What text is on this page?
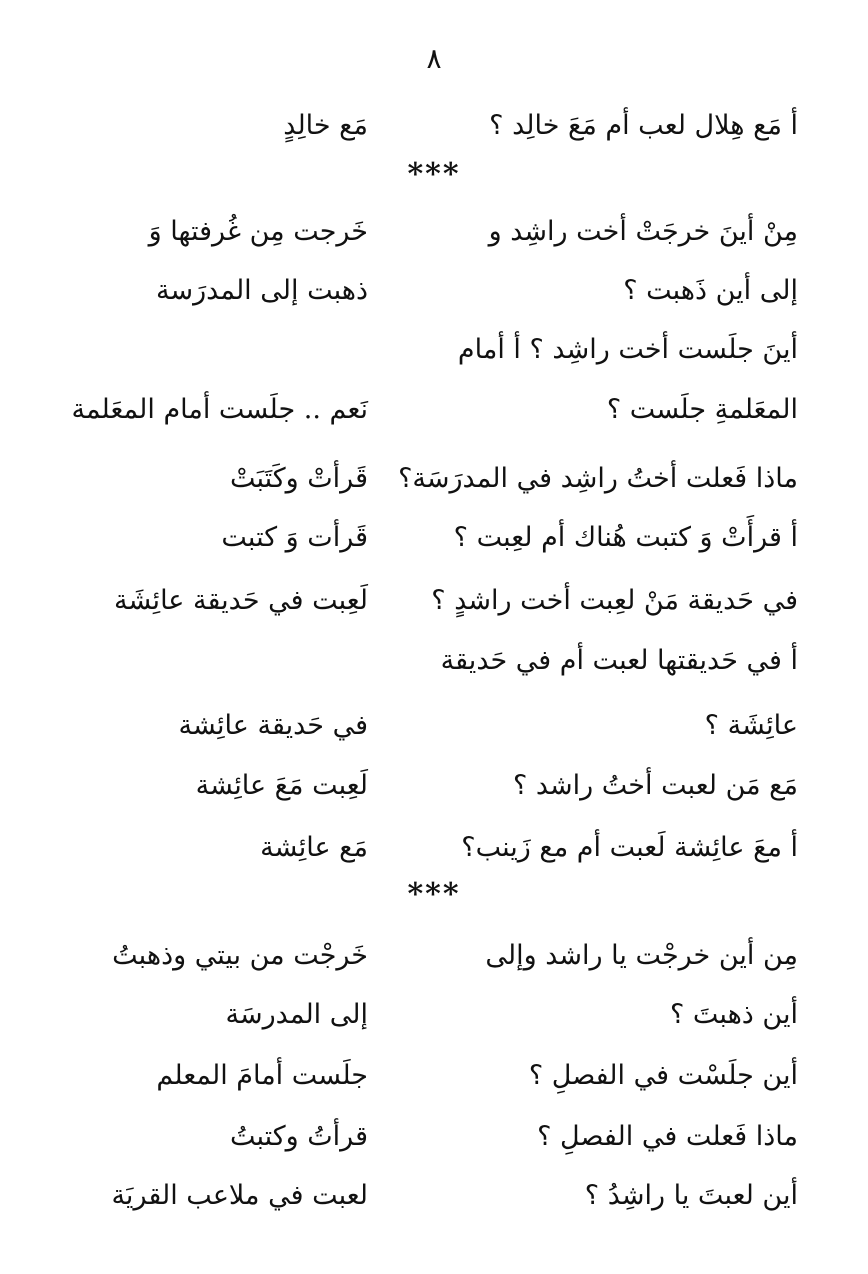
٨
أ مَع هِلال لعب أم مَعَ خالِد ؟
مَع خالِدٍ
***
مِنْ أينَ خرجَتْ أخت راشِد و
خَرجت مِن غُرفتها وَ
إلى أين ذَهبت ؟
ذهبت إلى المدرَسة
أينَ جلَست أخت راشِد ؟ أ أمام
المعَلمةِ جلَست ؟
نَعم .. جلَست أمام المعَلمة
ماذا فَعلت أختُ راشِد في المدرَسَة؟
قَرأتْ وكَتَبَتْ
أ قرأَتْ وَ كتبت هُناك أم لعِبت ؟
قَرأت وَ كتبت
في حَديقة مَنْ لعِبت أخت راشدٍ ؟
لَعِبت في حَديقة عائِشَة
أ في حَديقتها لعبت أم في حَديقة
عائِشَة ؟
في حَديقة عائِشة
مَع مَن لعبت أختُ راشد ؟
لَعِبت مَعَ عائِشة
أ معَ عائِشة لَعبت أم مع زَينب؟
مَع عائِشة
***
مِن أين خرجْت يا راشد وإلى
خَرجْت من بيتي وذهبتُ
أين ذهبتَ ؟
إلى المدرسَة
أين جلَسْت في الفصلِ ؟
جلَست أمامَ المعلم
ماذا فَعلت في الفصلِ ؟
قرأتُ وكتبتُ
أين لعبتَ يا راشِدُ ؟
لعبت في ملاعب القريَة
